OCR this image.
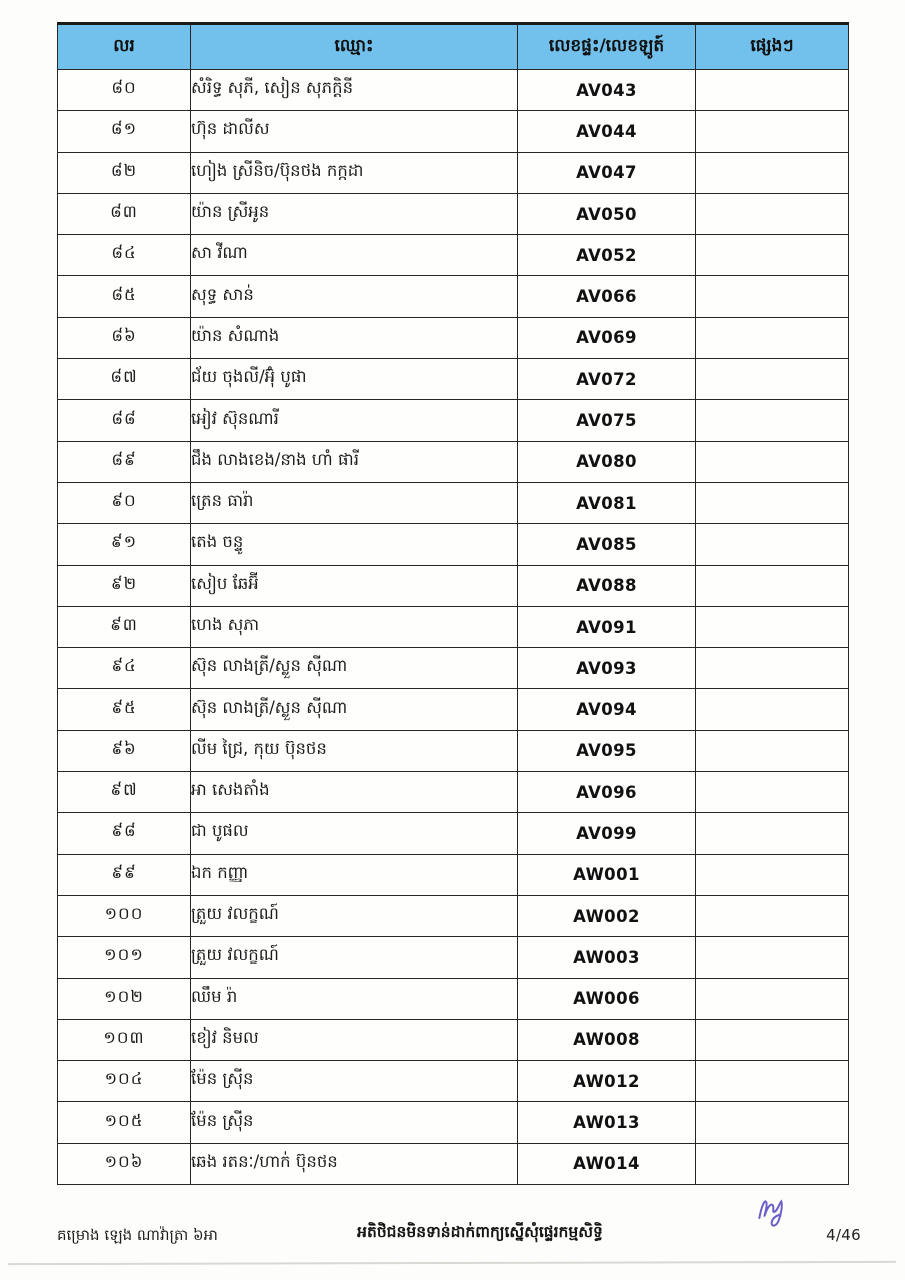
លរ	ឈ្មោះ	លេខផ្ទះ/លេខឡូត៍	ផ្សេងៗ
៨០	សំរិទ្ធ សុភី, សៀន សុភក្តិនី	AV043	
៨១	ហ៊ុន ដាលីស	AV044	
៨២	ហៀង ស្រីនិច/ប៊ុនថង កក្កដា	AV047	
៨៣	យ៉ាន ស្រីអូន	AV050	
៨៤	សា វីណា	AV052	
៨៥	សុទ្ធ សាន់	AV066	
៨៦	យ៉ាន សំណាង	AV069	
៨៧	ជ័យ ចុងលី/អ៊ុំ បូផា	AV072	
៨៨	អៀវ ស៊ុនណារី	AV075	
៨៩	ជឹង លាងខេង/នាង ហាំ ផារី	AV080	
៩០	ត្រេន ធារ៉ា	AV081	
៩១	តេង ចន្ទូ	AV085	
៩២	សៀប ឆែអ៊ី	AV088	
៩៣	ហេង សុភា	AV091	
៩៤	ស៊ុន លាងត្រី/ស្លួន ស៊ីណា	AV093	
៩៥	ស៊ុន លាងត្រី/ស្លួន ស៊ីណា	AV094	
៩៦	លីម ជ្រៃ, កុយ ប៊ុនថន	AV095	
៩៧	អា សេងតាំង	AV096	
៩៨	ជា បូផល	AV099	
៩៩	ឯក កញ្ញា	AW001	
១០០	ត្រួយ វលក្ខណ៍	AW002	
១០១	ត្រួយ វលក្ខណ៍	AW003	
១០២	ឈឹម រ៉ា	AW006	
១០៣	ខៀវ និមល	AW008	
១០៤	ម៉ែន ស្រ៊ីន	AW012	
១០៥	ម៉ែន ស្រ៊ីន	AW013	
១០៦	ឆេង រតនៈ/ហាក់ ប៊ុនថន	AW014	
គម្រោង ឡេង ណាវ៉ាត្រា ៦អា	អតិថិជនមិនទាន់ដាក់ពាក្យស្នើសុំផ្ទេរកម្មសិទ្ធិ	4/46
